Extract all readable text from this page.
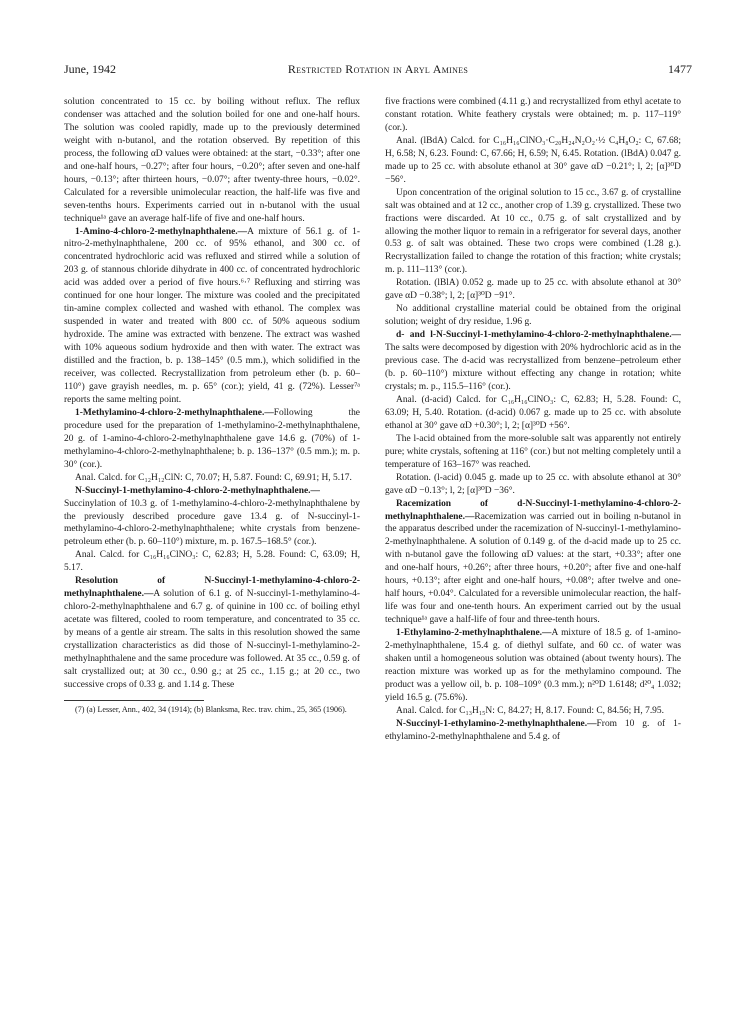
June, 1942	Restricted Rotation in Aryl Amines	1477

solution concentrated to 15 cc. by boiling without reflux. The reflux condenser was attached and the solution boiled for one and one-half hours. The solution was cooled rapidly, made up to the previously determined weight with n-butanol, and the rotation observed. By repetition of this process, the following αD values were obtained: at the start, −0.33°; after one and one-half hours, −0.27°; after four hours, −0.20°; after seven and one-half hours, −0.13°; after thirteen hours, −0.07°; after twenty-three hours, −0.02°. Calculated for a reversible unimolecular reaction, the half-life was five and seven-tenths hours. Experiments carried out in n-butanol with the usual technique¹ᵃ gave an average half-life of five and one-half hours.

1-Amino-4-chloro-2-methylnaphthalene.—A mixture of 56.1 g. of 1-nitro-2-methylnaphthalene, 200 cc. of 95% ethanol, and 300 cc. of concentrated hydrochloric acid was refluxed and stirred while a solution of 203 g. of stannous chloride dihydrate in 400 cc. of concentrated hydrochloric acid was added over a period of five hours.⁶·⁷ Refluxing and stirring was continued for one hour longer. The mixture was cooled and the precipitated tin-amine complex collected and washed with ethanol. The complex was suspended in water and treated with 800 cc. of 50% aqueous sodium hydroxide. The amine was extracted with benzene. The extract was washed with 10% aqueous sodium hydroxide and then with water. The extract was distilled and the fraction, b. p. 138–145° (0.5 mm.), which solidified in the receiver, was collected. Recrystallization from petroleum ether (b. p. 60–110°) gave grayish needles, m. p. 65° (cor.); yield, 41 g. (72%). Lesser⁷ᵃ reports the same melting point.

1-Methylamino-4-chloro-2-methylnaphthalene.—Following the procedure used for the preparation of 1-methylamino-2-methylnaphthalene, 20 g. of 1-amino-4-chloro-2-methylnaphthalene gave 14.6 g. (70%) of 1-methylamino-4-chloro-2-methylnaphthalene; b. p. 136–137° (0.5 mm.); m. p. 30° (cor.).

Anal. Calcd. for C₁₂H₁₂ClN: C, 70.07; H, 5.87. Found: C, 69.91; H, 5.17.

N-Succinyl-1-methylamino-4-chloro-2-methylnaphthalene.—Succinylation of 10.3 g. of 1-methylamino-4-chloro-2-methylnaphthalene by the previously described procedure gave 13.4 g. of N-succinyl-1-methylamino-4-chloro-2-methylnaphthalene; white crystals from benzene-petroleum ether (b. p. 60–110°) mixture, m. p. 167.5–168.5° (cor.).

Anal. Calcd. for C₁₆H₁₆ClNO₃: C, 62.83; H, 5.28. Found: C, 63.09; H, 5.17.

Resolution of N-Succinyl-1-methylamino-4-chloro-2-methylnaphthalene.—A solution of 6.1 g. of N-succinyl-1-methylamino-4-chloro-2-methylnaphthalene and 6.7 g. of quinine in 100 cc. of boiling ethyl acetate was filtered, cooled to room temperature, and concentrated to 35 cc. by means of a gentle air stream. The salts in this resolution showed the same crystallization characteristics as did those of N-succinyl-1-methylamino-2-methylnaphthalene and the same procedure was followed. At 35 cc., 0.59 g. of salt crystallized out; at 30 cc., 0.90 g.; at 25 cc., 1.15 g.; at 20 cc., two successive crops of 0.33 g. and 1.14 g. These

(7) (a) Lesser, Ann., 402, 34 (1914); (b) Blanksma, Rec. trav. chim., 25, 365 (1906).

five fractions were combined (4.11 g.) and recrystallized from ethyl acetate to constant rotation. White feathery crystals were obtained; m. p. 117–119° (cor.).

Anal. (lBdA) Calcd. for C₁₆H₁₆ClNO₃·C₂₀H₂₄N₂O₂·½ C₄H₈O₂: C, 67.68; H, 6.58; N, 6.23. Found: C, 67.66; H, 6.59; N, 6.45. Rotation. (lBdA) 0.047 g. made up to 25 cc. with absolute ethanol at 30° gave αD −0.21°; l, 2; [α]³⁰D −56°.

Upon concentration of the original solution to 15 cc., 3.67 g. of crystalline salt was obtained and at 12 cc., another crop of 1.39 g. crystallized. These two fractions were discarded. At 10 cc., 0.75 g. of salt crystallized and by allowing the mother liquor to remain in a refrigerator for several days, another 0.53 g. of salt was obtained. These two crops were combined (1.28 g.). Recrystallization failed to change the rotation of this fraction; white crystals; m. p. 111–113° (cor.).

Rotation. (lBlA) 0.052 g. made up to 25 cc. with absolute ethanol at 30° gave αD −0.38°; l, 2; [α]³⁰D −91°.

No additional crystalline material could be obtained from the original solution; weight of dry residue, 1.96 g.

d- and l-N-Succinyl-1-methylamino-4-chloro-2-methylnaphthalene.—The salts were decomposed by digestion with 20% hydrochloric acid as in the previous case. The d-acid was recrystallized from benzene–petroleum ether (b. p. 60–110°) mixture without effecting any change in rotation; white crystals; m. p., 115.5–116° (cor.).

Anal. (d-acid) Calcd. for C₁₆H₁₆ClNO₃: C, 62.83; H, 5.28. Found: C, 63.09; H, 5.40. Rotation. (d-acid) 0.067 g. made up to 25 cc. with absolute ethanol at 30° gave αD +0.30°; l, 2; [α]³⁰D +56°.

The l-acid obtained from the more-soluble salt was apparently not entirely pure; white crystals, softening at 116° (cor.) but not melting completely until a temperature of 163–167° was reached.

Rotation. (l-acid) 0.045 g. made up to 25 cc. with absolute ethanol at 30° gave αD −0.13°; l, 2; [α]³⁰D −36°.

Racemization of d-N-Succinyl-1-methylamino-4-chloro-2-methylnaphthalene.—Racemization was carried out in boiling n-butanol in the apparatus described under the racemization of N-succinyl-1-methylamino-2-methylnaphthalene. A solution of 0.149 g. of the d-acid made up to 25 cc. with n-butanol gave the following αD values: at the start, +0.33°; after one and one-half hours, +0.26°; after three hours, +0.20°; after five and one-half hours, +0.13°; after eight and one-half hours, +0.08°; after twelve and one-half hours, +0.04°. Calculated for a reversible unimolecular reaction, the half-life was four and one-tenth hours. An experiment carried out by the usual technique¹ᵃ gave a half-life of four and three-tenth hours.

1-Ethylamino-2-methylnaphthalene.—A mixture of 18.5 g. of 1-amino-2-methylnaphthalene, 15.4 g. of diethyl sulfate, and 60 cc. of water was shaken until a homogeneous solution was obtained (about twenty hours). The reaction mixture was worked up as for the methylamino compound. The product was a yellow oil, b. p. 108–109° (0.3 mm.); n²⁰D 1.6148; d²⁰₄ 1.032; yield 16.5 g. (75.6%).

Anal. Calcd. for C₁₃H₁₅N: C, 84.27; H, 8.17. Found: C, 84.56; H, 7.95.

N-Succinyl-1-ethylamino-2-methylnaphthalene.—From 10 g. of 1-ethylamino-2-methylnaphthalene and 5.4 g. of
